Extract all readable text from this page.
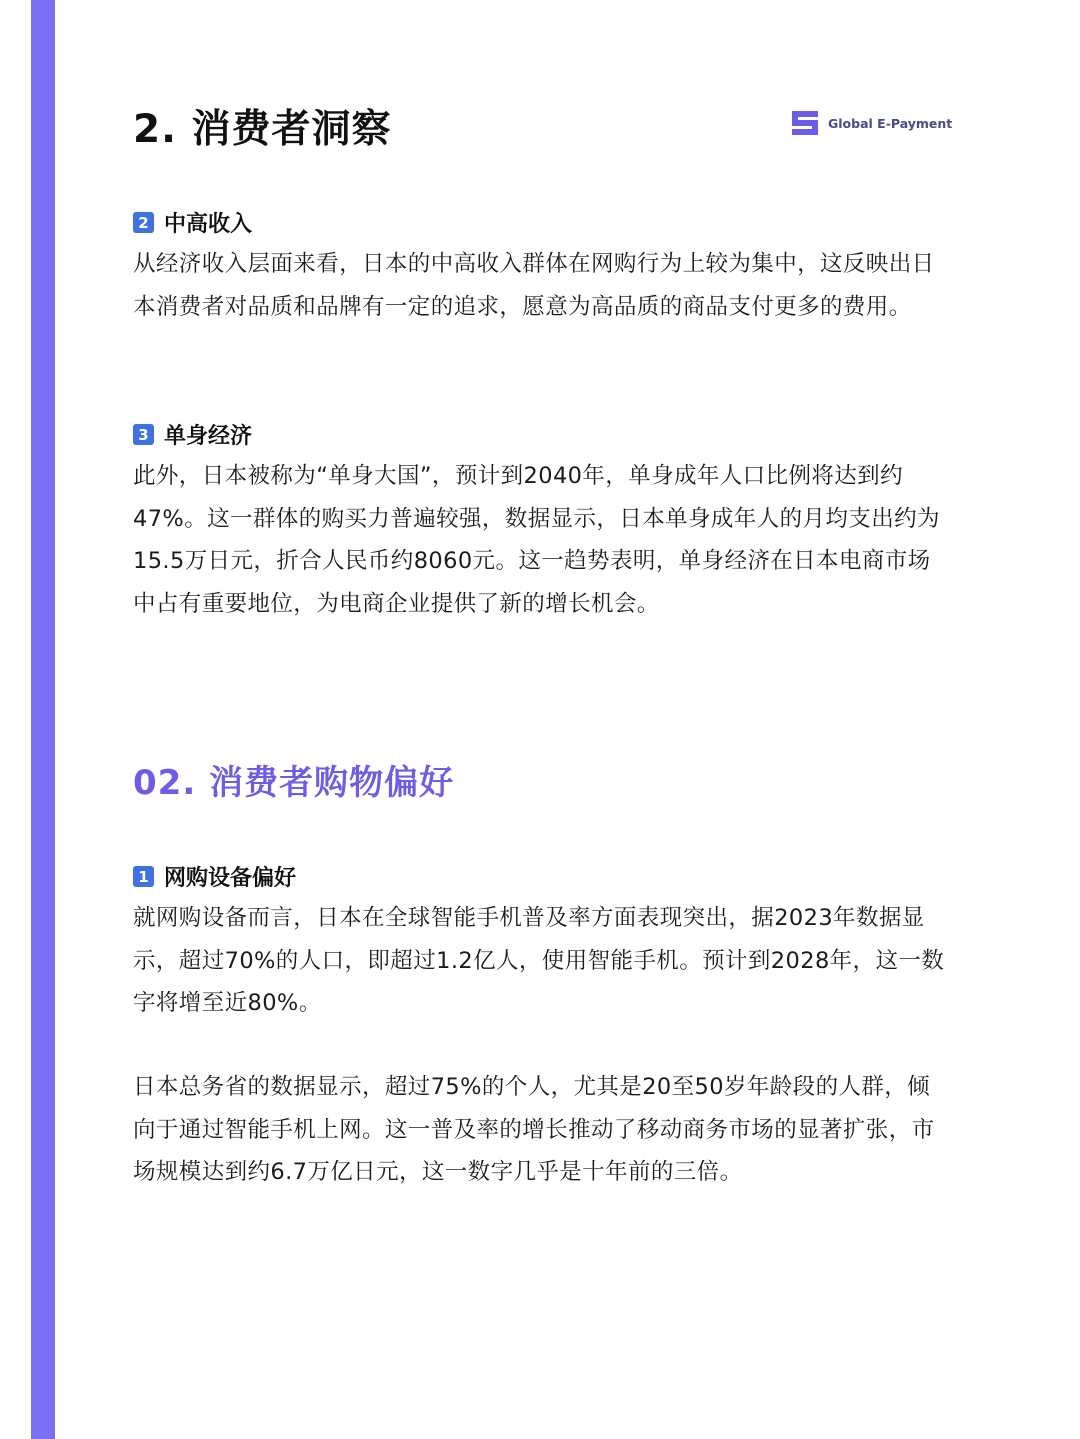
2. 消费者洞察	Global E-Payment
2 中高收入

从经济收入层面来看，日本的中高收入群体在网购行为上较为集中，这反映出日本消费者对品质和品牌有一定的追求，愿意为高品质的商品支付更多的费用。

3 单身经济

此外，日本被称为“单身大国”，预计到2040年，单身成年人口比例将达到约47%。这一群体的购买力普遍较强，数据显示，日本单身成年人的月均支出约为15.5万日元，折合人民币约8060元。这一趋势表明，单身经济在日本电商市场中占有重要地位，为电商企业提供了新的增长机会。

02. 消费者购物偏好
1 网购设备偏好

就网购设备而言，日本在全球智能手机普及率方面表现突出，据2023年数据显示，超过70%的人口，即超过1.2亿人，使用智能手机。预计到2028年，这一数字将增至近80%。

日本总务省的数据显示，超过75%的个人，尤其是20至50岁年龄段的人群，倾向于通过智能手机上网。这一普及率的增长推动了移动商务市场的显著扩张，市场规模达到约6.7万亿日元，这一数字几乎是十年前的三倍。
